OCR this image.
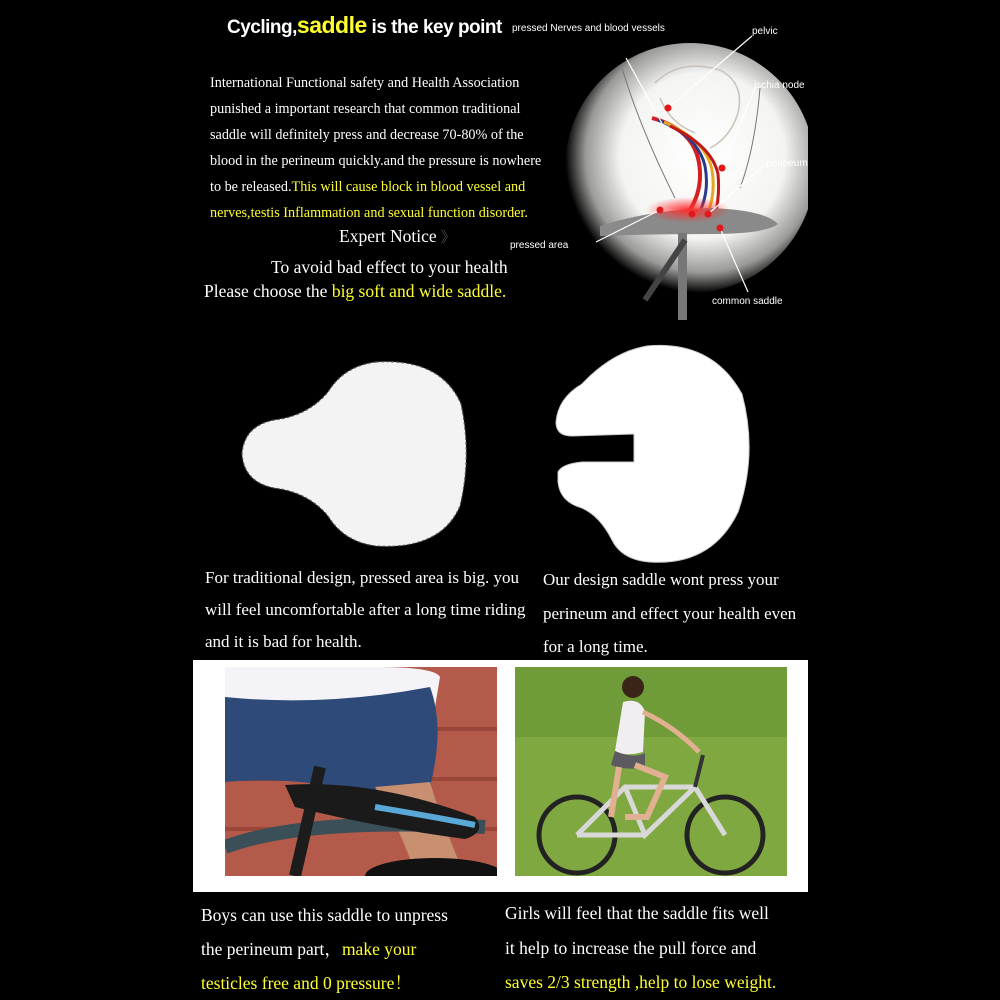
Cycling,saddle is the key point
International Functional safety and Health Association punished a important research that common traditional saddle will definitely press and decrease 70-80% of the blood in the perineum quickly.and the pressure is nowhere to be released.This will cause block in blood vessel and nerves,testis Inflammation and sexual function disorder.
Expert Notice 》
To avoid bad effect to your health
Please choose the big soft and wide saddle.
pressed Nerves and blood vessels	pelvic
ischia node
perineum
pressed area
common saddle
For traditional design, pressed area is big. you will feel uncomfortable after a long time riding and it is bad for health.
Our design saddle wont press your perineum and effect your health even for a long time.
Boys can use this saddle to unpress
the perineum part，make your
testicles free and 0 pressure！
Girls will feel that the saddle fits well
it help to increase the pull force and
saves 2/3 strength ,help to lose weight.
